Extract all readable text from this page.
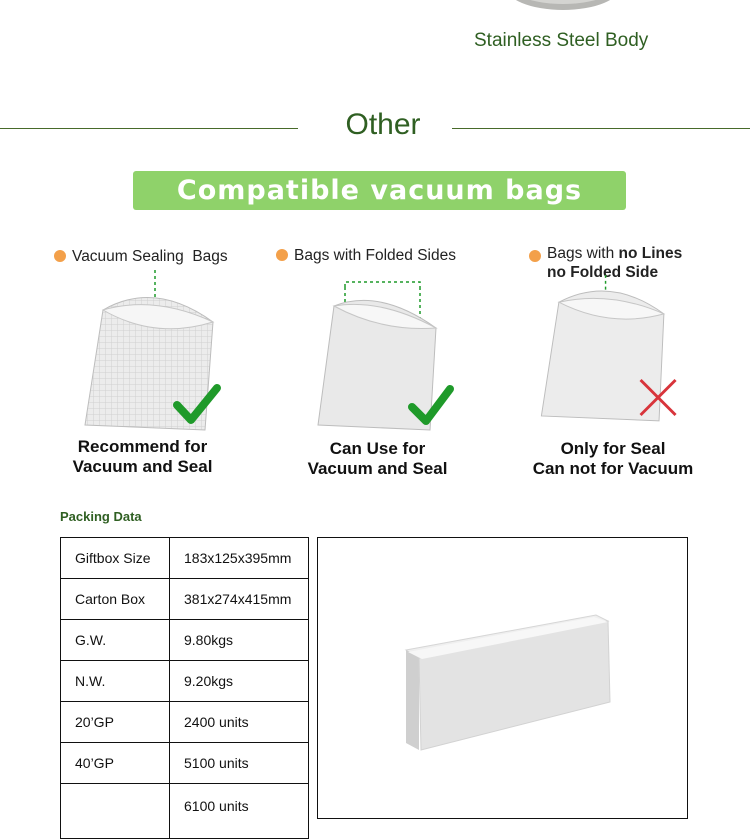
Stainless Steel Body
Other
Compatible vacuum bags
Vacuum Sealing  Bags
Recommend for
Vacuum and Seal
Bags with Folded Sides
Can Use for
Vacuum and Seal
Bags with no Lines
no Folded Side
Only for Seal
Can not for Vacuum
Packing Data
Giftbox Size	183x125x395mm
Carton Box	381x274x415mm
G.W.	9.80kgs
N.W.	9.20kgs
20’GP	2400 units
40’GP	5100 units
	6100 units
